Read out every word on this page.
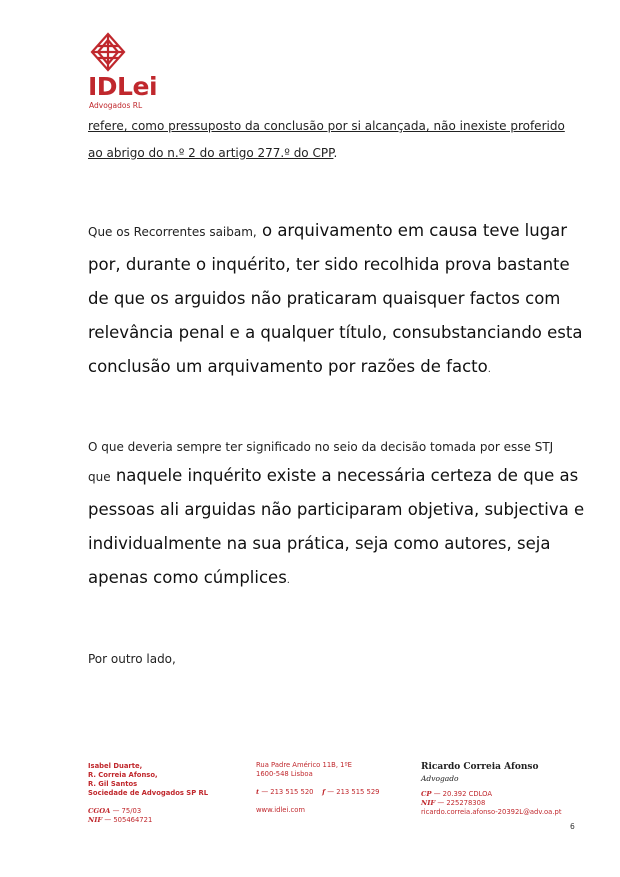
IDLei
Advogados RL
refere, como pressuposto da conclusão por si alcançada, não inexiste proferido
ao abrigo do n.º 2 do artigo 277.º do CPP.
Que os Recorrentes saibam, o arquivamento em causa teve lugar
por, durante o inquérito, ter sido recolhida prova bastante
de que os arguidos não praticaram quaisquer factos com
relevância penal e a qualquer título, consubstanciando esta
conclusão um arquivamento por razões de facto.
O que deveria sempre ter significado no seio da decisão tomada por esse STJ
que naquele inquérito existe a necessária certeza de que as
pessoas ali arguidas não participaram objetiva, subjectiva e
individualmente na sua prática, seja como autores, seja
apenas como cúmplices.
Por outro lado,
Isabel Duarte,
R. Correia Afonso,
R. Gil Santos
Sociedade de Advogados SP RL
CGOA — 75/03
NIF — 505464721
Rua Padre Américo 11B, 1ºE
1600-548 Lisboa
t — 213 515 520 f — 213 515 529
www.idlei.com
Ricardo Correia Afonso
Advogado
CP — 20.392 CDLOA
NIF — 225278308
ricardo.correia.afonso-20392L@adv.oa.pt
6
